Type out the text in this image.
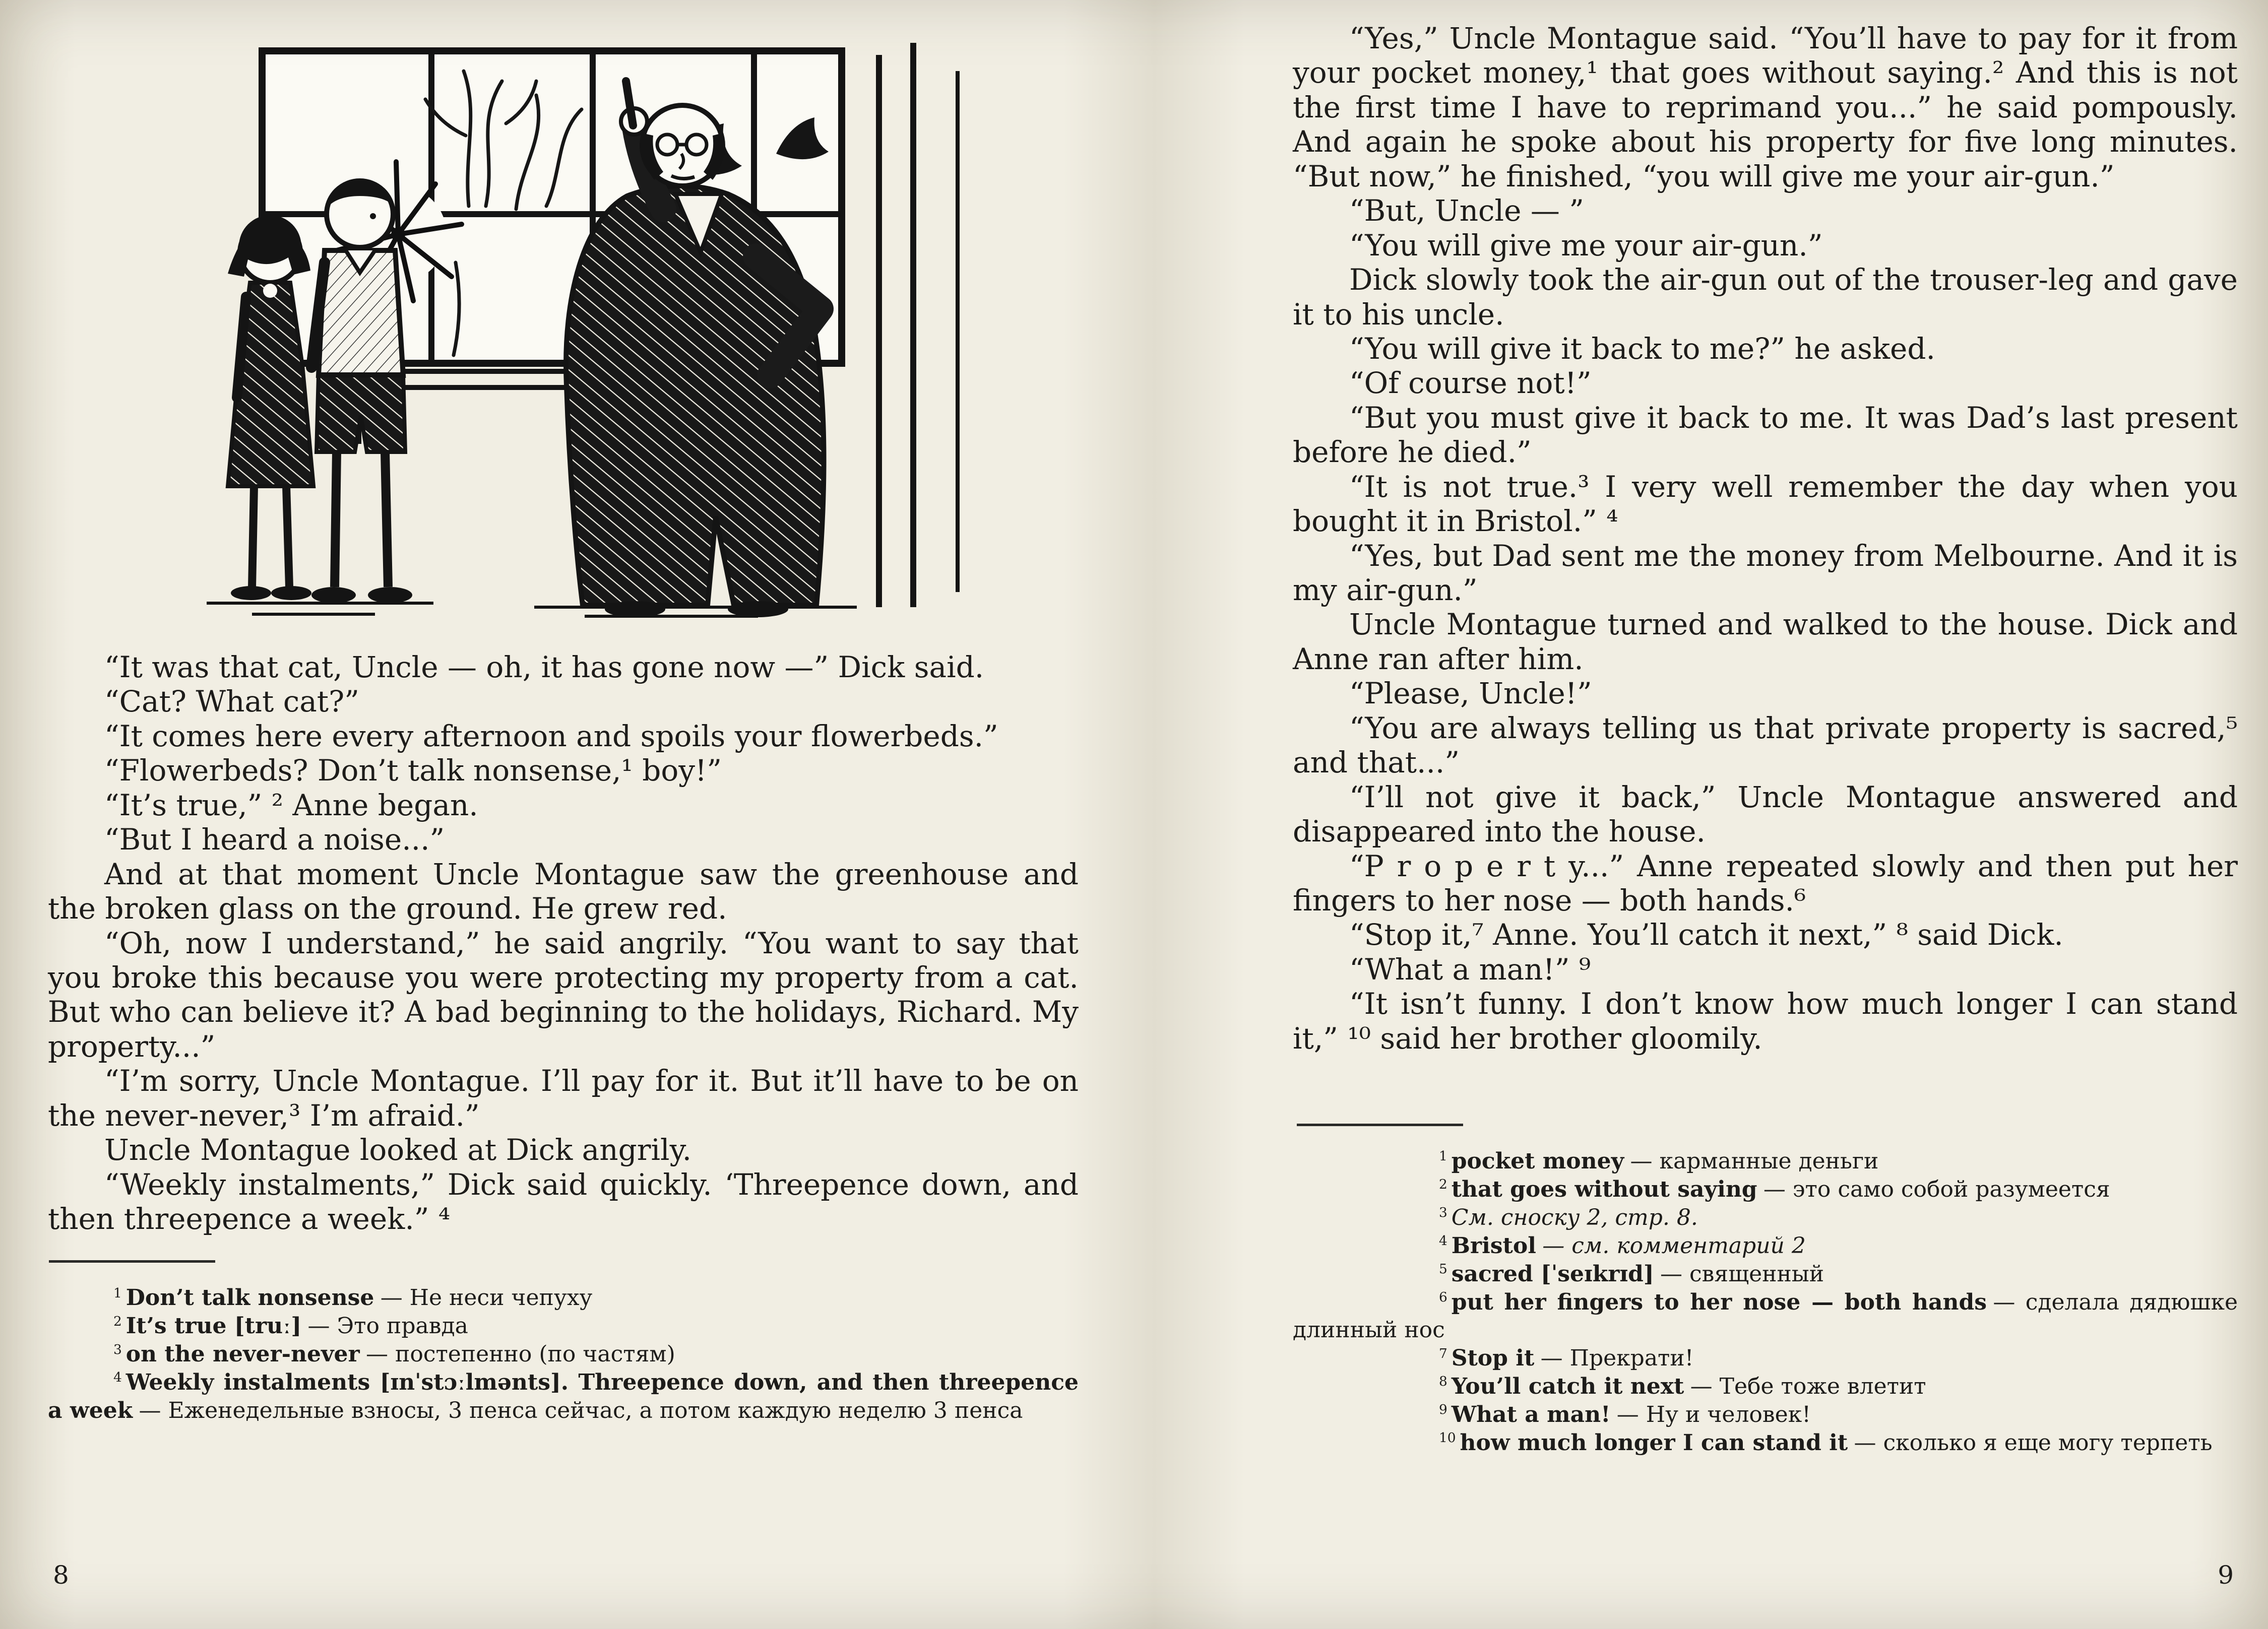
“It was that cat, Uncle — oh, it has gone now —” Dick said.

“Cat? What cat?”

“It comes here every afternoon and spoils your flowerbeds.”

“Flowerbeds? Don’t talk nonsense,¹ boy!”

“It’s true,” ² Anne began.

“But I heard a noise...”

And at that moment Uncle Montague saw the greenhouse and the broken glass on the ground. He grew red.

“Oh, now I understand,” he said angrily. “You want to say that you broke this because you were protecting my property from a cat. But who can believe it? A bad beginning to the holidays, Richard. My property...”

“I’m sorry, Uncle Montague. I’ll pay for it. But it’ll have to be on the never-never,³ I’m afraid.”

Uncle Montague looked at Dick angrily.

“Weekly instalments,” Dick said quickly. ‘Threepence down, and then threepence a week.” ⁴

$^1$ Don’t talk nonsense — Не неси чепуху

$^2$ It’s true [truː] — Это правда

$^3$ on the never-never — постепенно (по частям)

$^4$ Weekly instalments [ɪnˈstɔːlmənts]. Threepence down, and then threepence a week — Еженедельные взносы, 3 пенса сейчас, а потом каждую неделю 3 пенса

8

“Yes,” Uncle Montague said. “You’ll have to pay for it from your pocket money,¹ that goes without saying.² And this is not the first time I have to reprimand you...” he said pompously. And again he spoke about his property for five long minutes. “But now,” he finished, “you will give me your air-gun.”

“But, Uncle — ”

“You will give me your air-gun.”

Dick slowly took the air-gun out of the trouser-leg and gave it to his uncle.

“You will give it back to me?” he asked.

“Of course not!”

“But you must give it back to me. It was Dad’s last present before he died.”

“It is not true.³ I very well remember the day when you bought it in Bristol.” ⁴

“Yes, but Dad sent me the money from Melbourne. And it is my air-gun.”

Uncle Montague turned and walked to the house. Dick and Anne ran after him.

“Please, Uncle!”

“You are always telling us that private property is sacred,⁵ and that...”

“I’ll not give it back,” Uncle Montague answered and disappeared into the house.

“P r o p e r t y...” Anne repeated slowly and then put her fingers to her nose — both hands.⁶

“Stop it,⁷ Anne. You’ll catch it next,” ⁸ said Dick.

“What a man!” ⁹

“It isn’t funny. I don’t know how much longer I can stand it,” ¹⁰ said her brother gloomily.

$^1$ pocket money — карманные деньги

$^2$ that goes without saying — это само собой разумеется

$^3$ См. сноску 2, стр. 8.

$^4$ Bristol — см. комментарий 2

$^5$ sacred [ˈseɪkrɪd] — священный

$^6$ put her fingers to her nose — both hands — сделала дядюшке длинный нос

$^7$ Stop it — Прекрати!

$^8$ You’ll catch it next — Тебе тоже влетит

$^9$ What a man! — Ну и человек!

$^{10}$ how much longer I can stand it — сколько я еще могу терпеть

9
